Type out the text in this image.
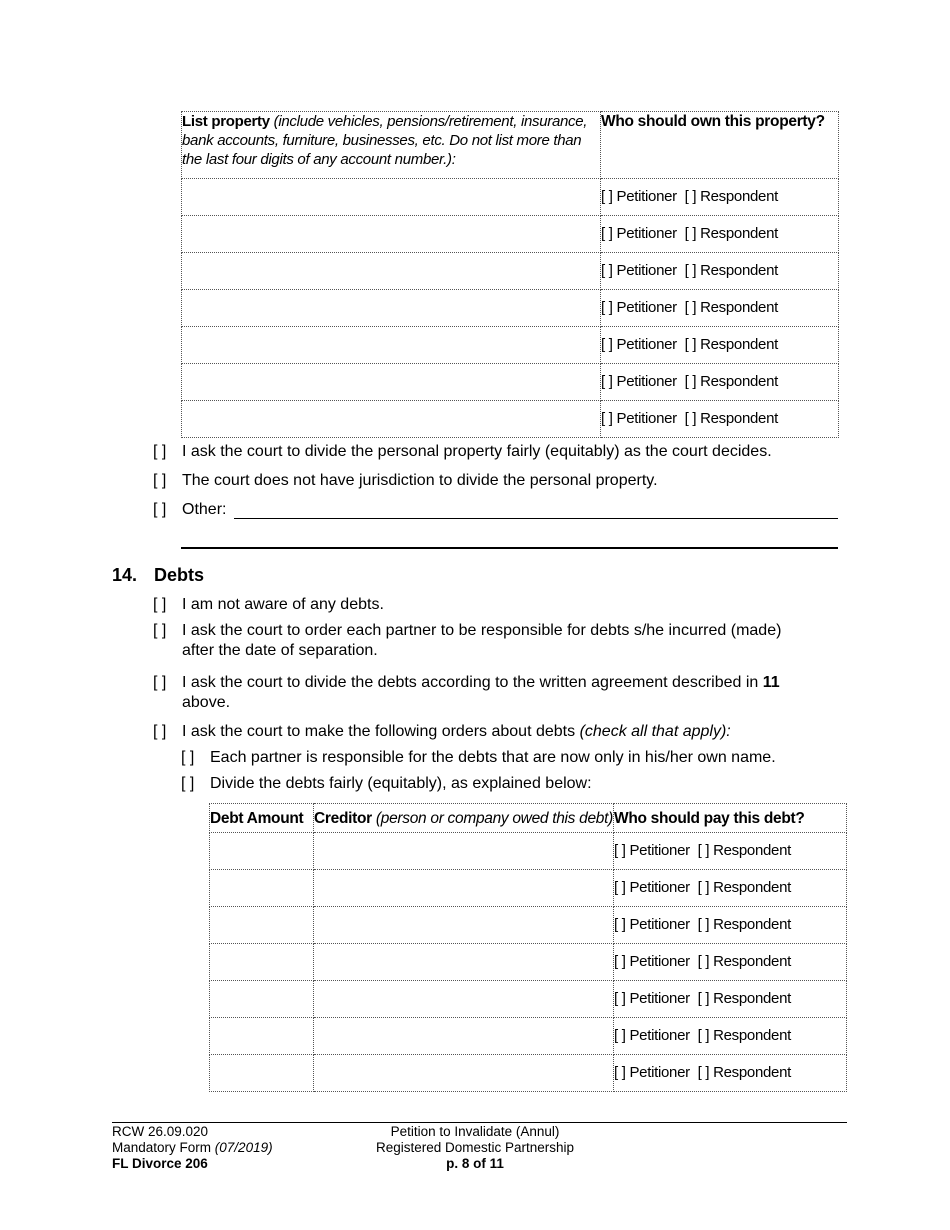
List property (include vehicles, pensions/retirement, insurance, bank accounts, furniture, businesses, etc. Do not list more than the last four digits of any account number.):	Who should own this property?
	[ ] Petitioner [ ] Respondent
	[ ] Petitioner [ ] Respondent
	[ ] Petitioner [ ] Respondent
	[ ] Petitioner [ ] Respondent
	[ ] Petitioner [ ] Respondent
	[ ] Petitioner [ ] Respondent
	[ ] Petitioner [ ] Respondent
[ ] I ask the court to divide the personal property fairly (equitably) as the court decides.
[ ] The court does not have jurisdiction to divide the personal property.
[ ] Other:
14. Debts
[ ] I am not aware of any debts.
[ ] I ask the court to order each partner to be responsible for debts s/he incurred (made)
after the date of separation.
[ ] I ask the court to divide the debts according to the written agreement described in 11
above.
[ ] I ask the court to make the following orders about debts (check all that apply):
[ ] Each partner is responsible for the debts that are now only in his/her own name.
[ ] Divide the debts fairly (equitably), as explained below:
Debt Amount	Creditor (person or company owed this debt)	Who should pay this debt?
		[ ] Petitioner [ ] Respondent
		[ ] Petitioner [ ] Respondent
		[ ] Petitioner [ ] Respondent
		[ ] Petitioner [ ] Respondent
		[ ] Petitioner [ ] Respondent
		[ ] Petitioner [ ] Respondent
		[ ] Petitioner [ ] Respondent
RCW 26.09.020
Mandatory Form (07/2019)
FL Divorce 206
Petition to Invalidate (Annul)
Registered Domestic Partnership
p. 8 of 11
